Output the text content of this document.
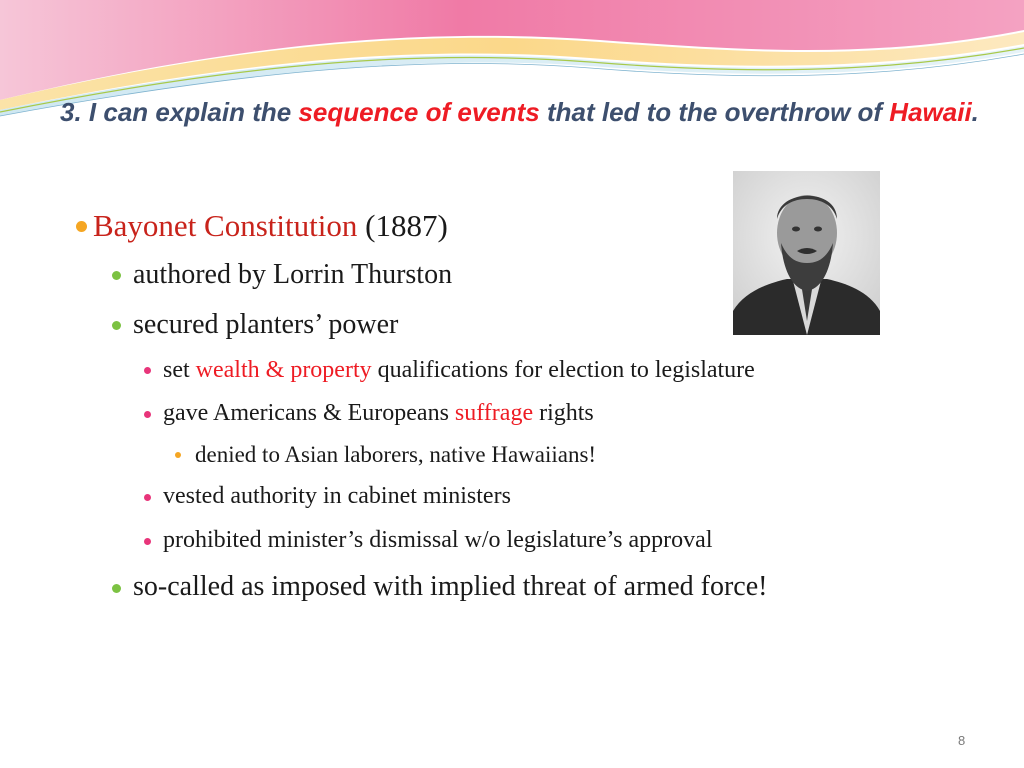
3. I can explain the sequence of events that led to the overthrow of Hawaii.
Bayonet Constitution (1887)
authored by Lorrin Thurston
secured planters’ power
set wealth & property qualifications for election to legislature
gave Americans & Europeans suffrage rights
denied to Asian laborers, native Hawaiians!
vested authority in cabinet ministers
prohibited minister’s dismissal w/o legislature’s approval
so-called as imposed with implied threat of armed force!
8
